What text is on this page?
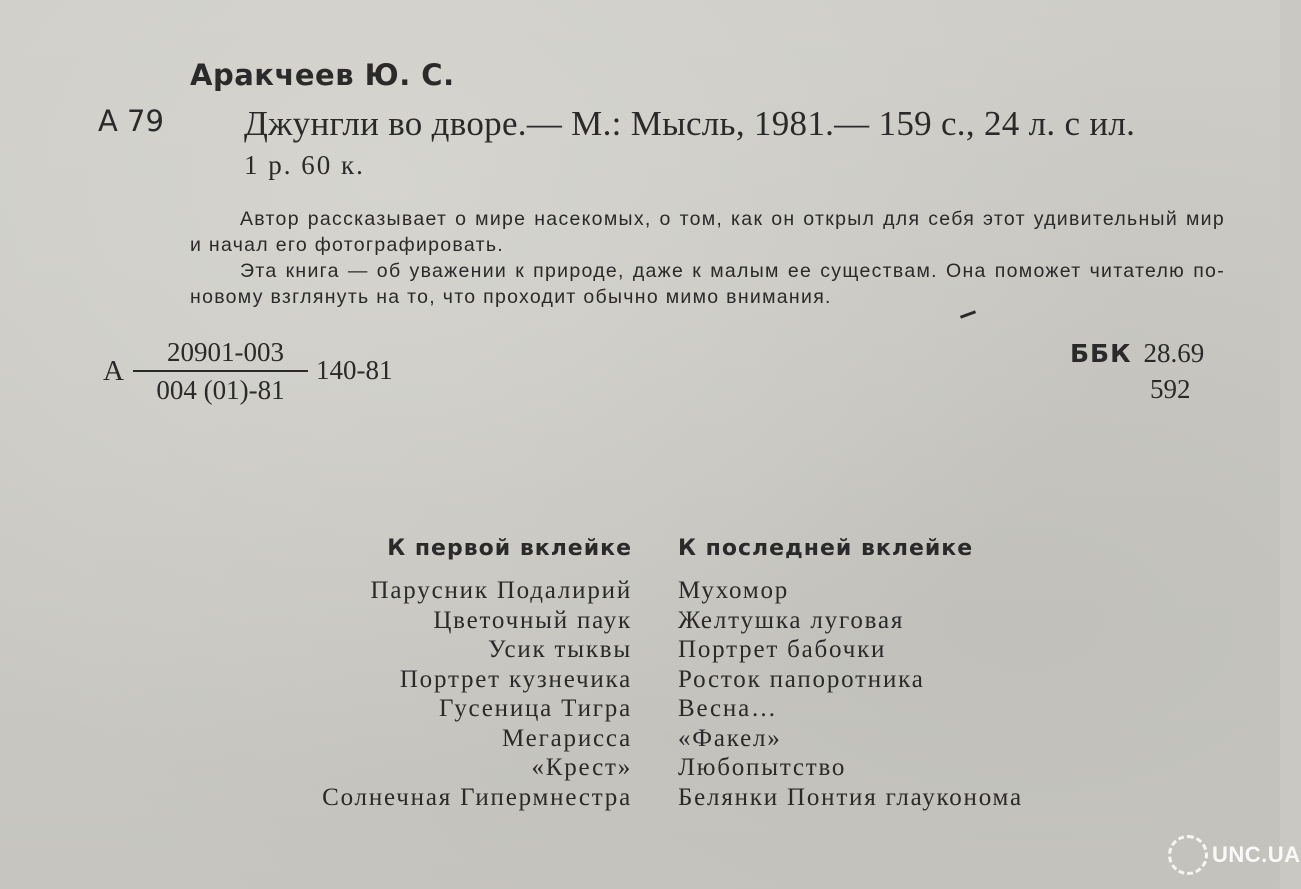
Аракчеев Ю. С.
А 79 Джунгли во дворе.— М.: Мысль, 1981.— 159 с., 24 л. с ил.
1 р. 60 к.

Автор рассказывает о мире насекомых, о том, как он открыл для себя этот удивительный мир и начал его фотографировать.

Эта книга — об уважении к природе, даже к малым ее существам. Она поможет читателю по-новому взглянуть на то, что проходит обычно мимо внимания.

А
20901-003
004 (01)-81
140-81
ББК 28.69
592
К первой вклейке
Парусник Подалирий
Цветочный паук
Усик тыквы
Портрет кузнечика
Гусеница Тигра
Мегарисса
«Крест»
Солнечная Гипермнестра
К последней вклейке
Мухомор
Желтушка луговая
Портрет бабочки
Росток папоротника
Весна…
«Факел»
Любопытство
Белянки Понтия глауконома
UNC.UA
